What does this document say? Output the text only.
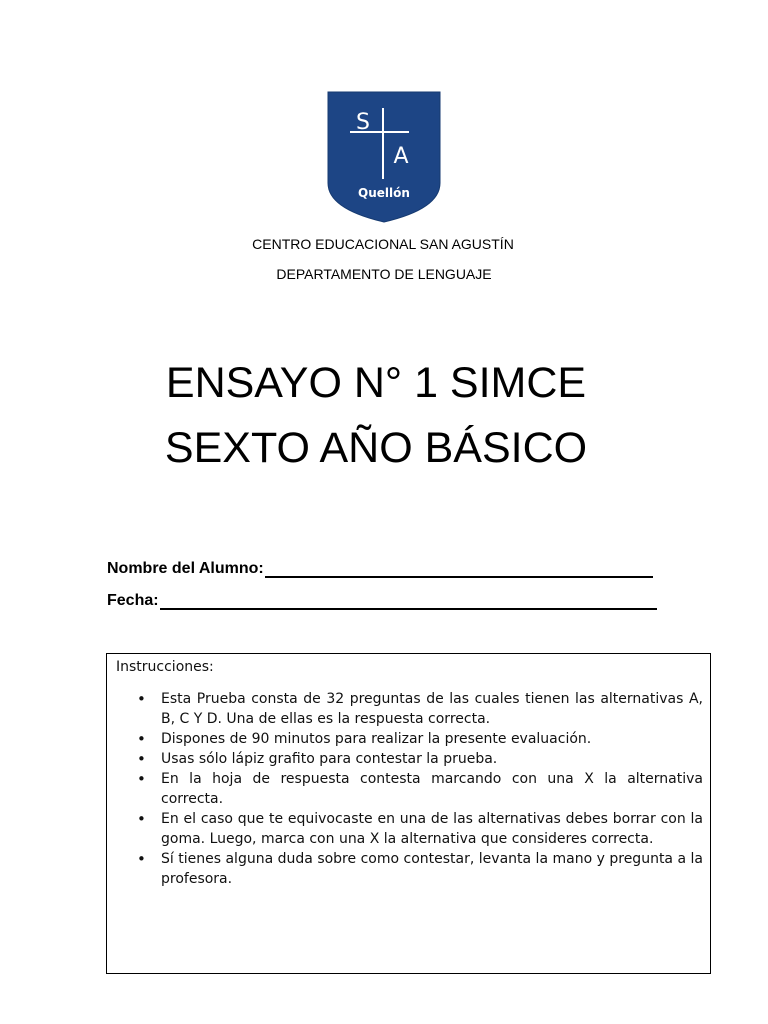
S
A
Quellón
CENTRO EDUCACIONAL SAN AGUSTÍN
DEPARTAMENTO DE LENGUAJE
ENSAYO N° 1 SIMCE
SEXTO AÑO BÁSICO
Nombre del Alumno:
Fecha:
Instrucciones:
• Esta Prueba consta de 32 preguntas de las cuales tienen las alternativas A, B, C Y D. Una de ellas es la respuesta correcta.
• Dispones de 90 minutos para realizar la presente evaluación.
• Usas sólo lápiz grafito para contestar la prueba.
• En la hoja de respuesta contesta marcando con una X la alternativa correcta.
• En el caso que te equivocaste en una de las alternativas debes borrar con la goma. Luego, marca con una X la alternativa que consideres correcta.
• Sí tienes alguna duda sobre como contestar, levanta la mano y pregunta a la profesora.
